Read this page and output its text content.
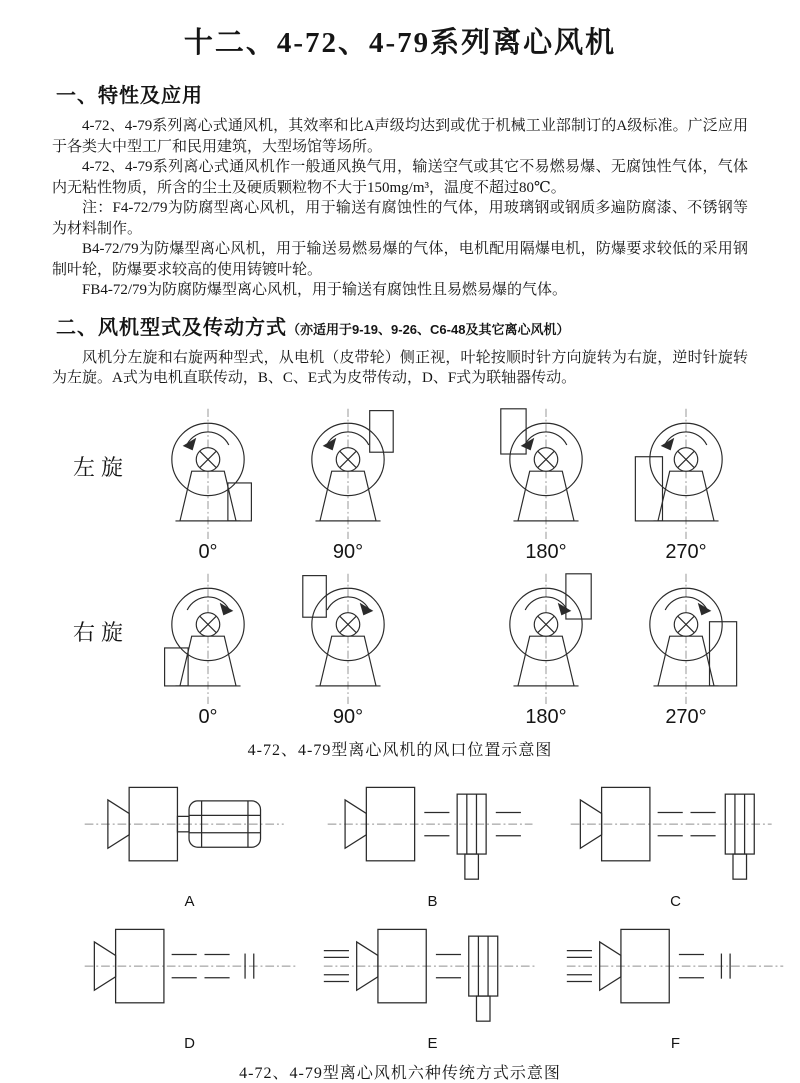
十二、4-72、4-79系列离心风机
一、特性及应用

4-72、4-79系列离心式通风机，其效率和比A声级均达到或优于机械工业部制订的A级标准。广泛应用于各类大中型工厂和民用建筑，大型场馆等场所。

4-72、4-79系列离心式通风机作一般通风换气用，输送空气或其它不易燃易爆、无腐蚀性气体，气体内无粘性物质，所含的尘土及硬质颗粒物不大于150mg/m³，温度不超过80℃。

注：F4-72/79为防腐型离心风机，用于输送有腐蚀性的气体，用玻璃钢或钢质多遍防腐漆、不锈钢等为材料制作。

B4-72/79为防爆型离心风机，用于输送易燃易爆的气体，电机配用隔爆电机，防爆要求较低的采用钢制叶轮，防爆要求较高的使用铸镀叶轮。

FB4-72/79为防腐防爆型离心风机，用于输送有腐蚀性且易燃易爆的气体。

二、风机型式及传动方式（亦适用于9-19、9-26、C6-48及其它离心风机）

风机分左旋和右旋两种型式，从电机（皮带轮）侧正视，叶轮按顺时针方向旋转为右旋，逆时针旋转为左旋。A式为电机直联传动，B、C、E式为皮带传动，D、F式为联轴器传动。

左旋
0°	90°	180°	270°
右旋
0°	90°	180°	270°
4-72、4-79型离心风机的风口位置示意图
A	B	C
D	E	F
4-72、4-79型离心风机六种传统方式示意图
